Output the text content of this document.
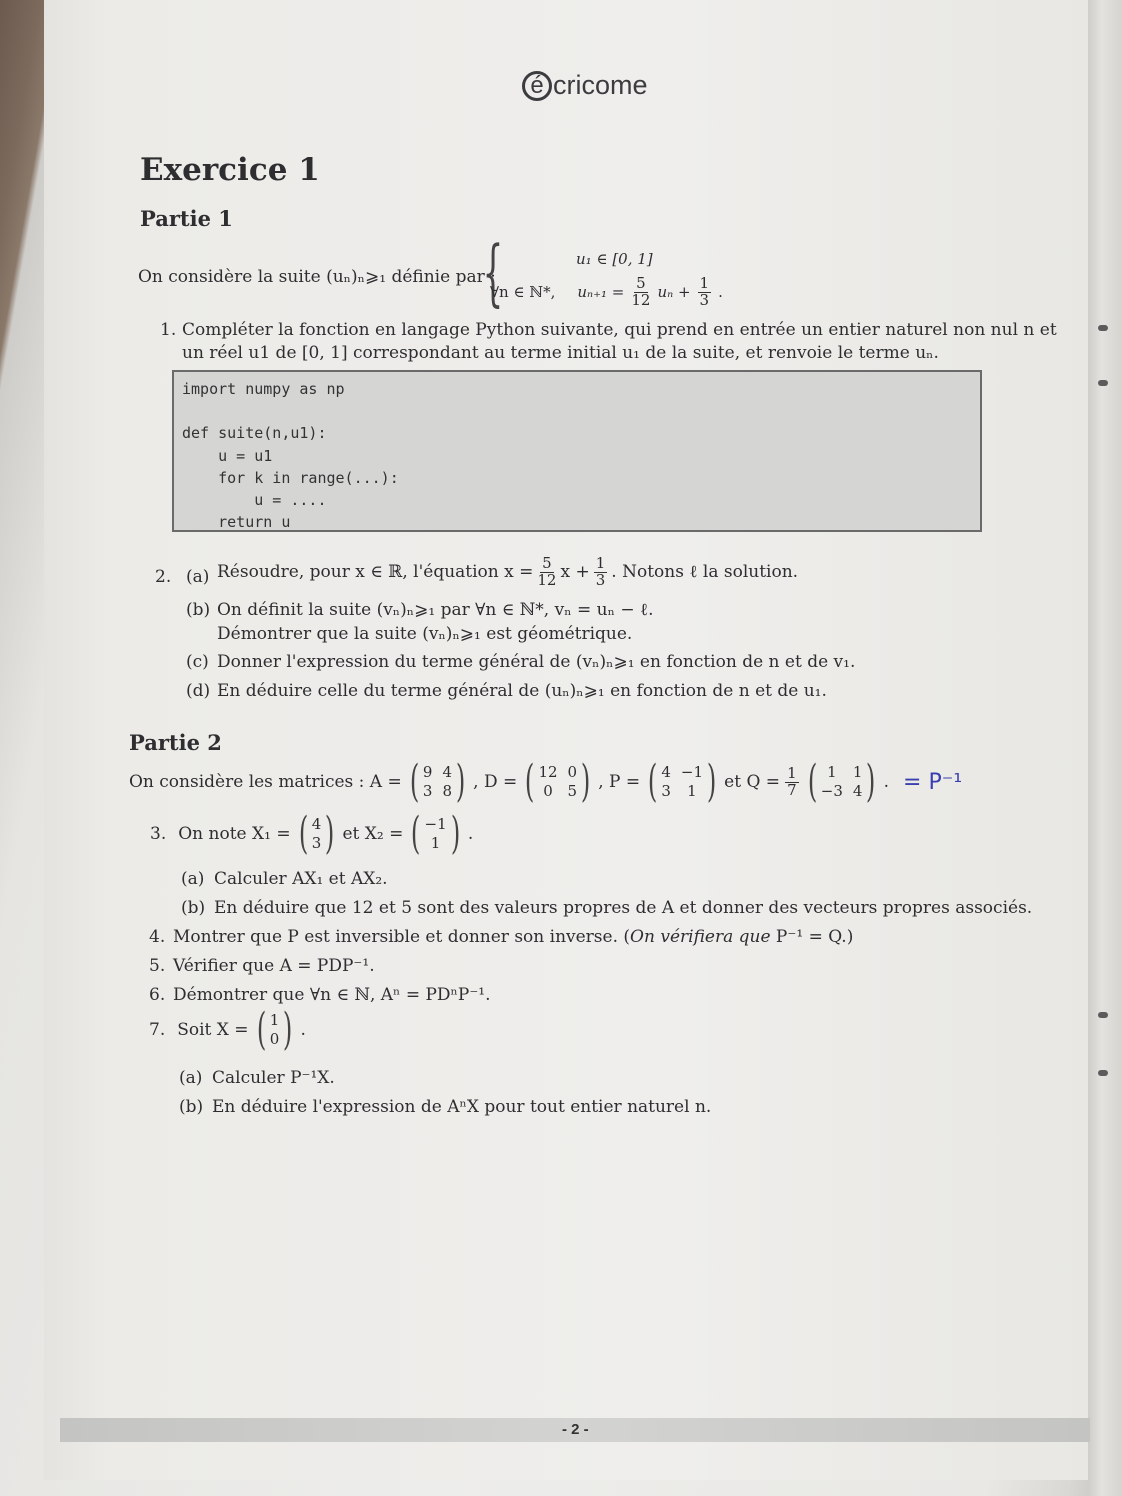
é cricome
Exercice 1
Partie 1
On considère la suite (uₙ)ₙ⩾₁ définie par :
{	u₁ ∈ [0, 1]
∀n ∈ ℕ*, $u_{n+1} = \frac{5}{12}$ $u_n + \frac{1}{3}$ .
1. Compléter la fonction en langage Python suivante, qui prend en entrée un entier naturel non nul n et
un réel u1 de [0, 1] correspondant au terme initial u₁ de la suite, et renvoie le terme uₙ.
import numpy as np

def suite(n,u1):
u = u1
for k in range(...):
u = ....
return u
2. (a) Résoudre, pour x ∈ ℝ, l'équation $x = \frac{5}{12}$ $x + \frac{1}{3}$ . Notons ℓ la solution.
(b) On définit la suite (vₙ)ₙ⩾₁ par ∀n ∈ ℕ*, vₙ = uₙ − ℓ.
Démontrer que la suite (vₙ)ₙ⩾₁ est géométrique.
(c) Donner l'expression du terme général de (vₙ)ₙ⩾₁ en fonction de n et de v₁.
(d) En déduire celle du terme général de (uₙ)ₙ⩾₁ en fonction de n et de u₁.
Partie 2
On considère les matrices : A = ( 9 4
3 8 ) , D = ( 12 0
0 5 ) , P = ( 4 −1
3	1 ) et $Q = \frac{1}{7}$ ( 1	1
−3 4 ) . = P⁻¹
3. On note X₁ = ( 4
3 ) et X₂ = ( −1
1 ) .
(a) Calculer AX₁ et AX₂.
(b) En déduire que 12 et 5 sont des valeurs propres de A et donner des vecteurs propres associés.
4. Montrer que P est inversible et donner son inverse. (On vérifiera que P⁻¹ = Q.)
5. Vérifier que A = PDP⁻¹.
6. Démontrer que ∀n ∈ ℕ, Aⁿ = PDⁿP⁻¹.
7. Soit X = ( 1
0 ) .
(a) Calculer P⁻¹X.
(b) En déduire l'expression de AⁿX pour tout entier naturel n.
- 2 -
